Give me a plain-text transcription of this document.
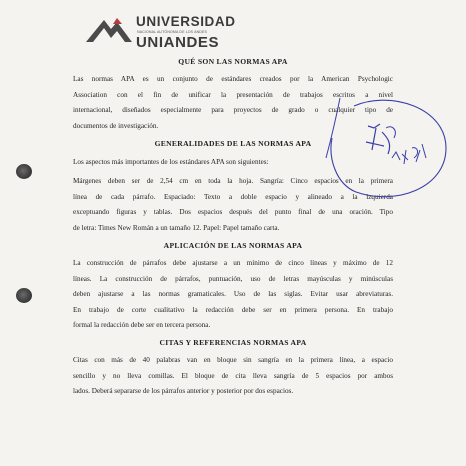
UNIVERSIDAD
NACIONAL AUTÓNOMA DE LOS ANDES
UNIANDES
QUÉ SON LAS NORMAS APA
Las normas APA es un conjunto de estándares creados por la American Psychologic
Association con el fin de unificar la presentación de trabajos escritos a nivel
internacional, diseñados especialmente para proyectos de grado o cualquier tipo de
documentos de investigación.
GENERALIDADES DE LAS NORMAS APA
Los aspectos más importantes de los estándares APA son siguientes:
Márgenes deben ser de 2,54 cm en toda la hoja. Sangría: Cinco espacios en la primera
línea de cada párrafo. Espaciado: Texto a doble espacio y alineado a la izquierda
exceptuando figuras y tablas. Dos espacios después del punto final de una oración. Tipo
de letra: Times New Román a un tamaño 12. Papel: Papel tamaño carta.
APLICACIÓN DE LAS NORMAS APA
La construcción de párrafos debe ajustarse a un mínimo de cinco líneas y máximo de 12
líneas. La construcción de párrafos, puntuación, uso de letras mayúsculas y minúsculas
deben ajustarse a las normas gramaticales. Uso de las siglas. Evitar usar abreviaturas.
En trabajo de corte cualitativo la redacción debe ser en primera persona. En trabajo
formal la redacción debe ser en tercera persona.
CITAS Y REFERENCIAS NORMAS APA
Citas con más de 40 palabras van en bloque sin sangría en la primera línea, a espacio
sencillo y no lleva comillas. El bloque de cita lleva sangría de 5 espacios por ambos
lados. Deberá separarse de los párrafos anterior y posterior por dos espacios.
